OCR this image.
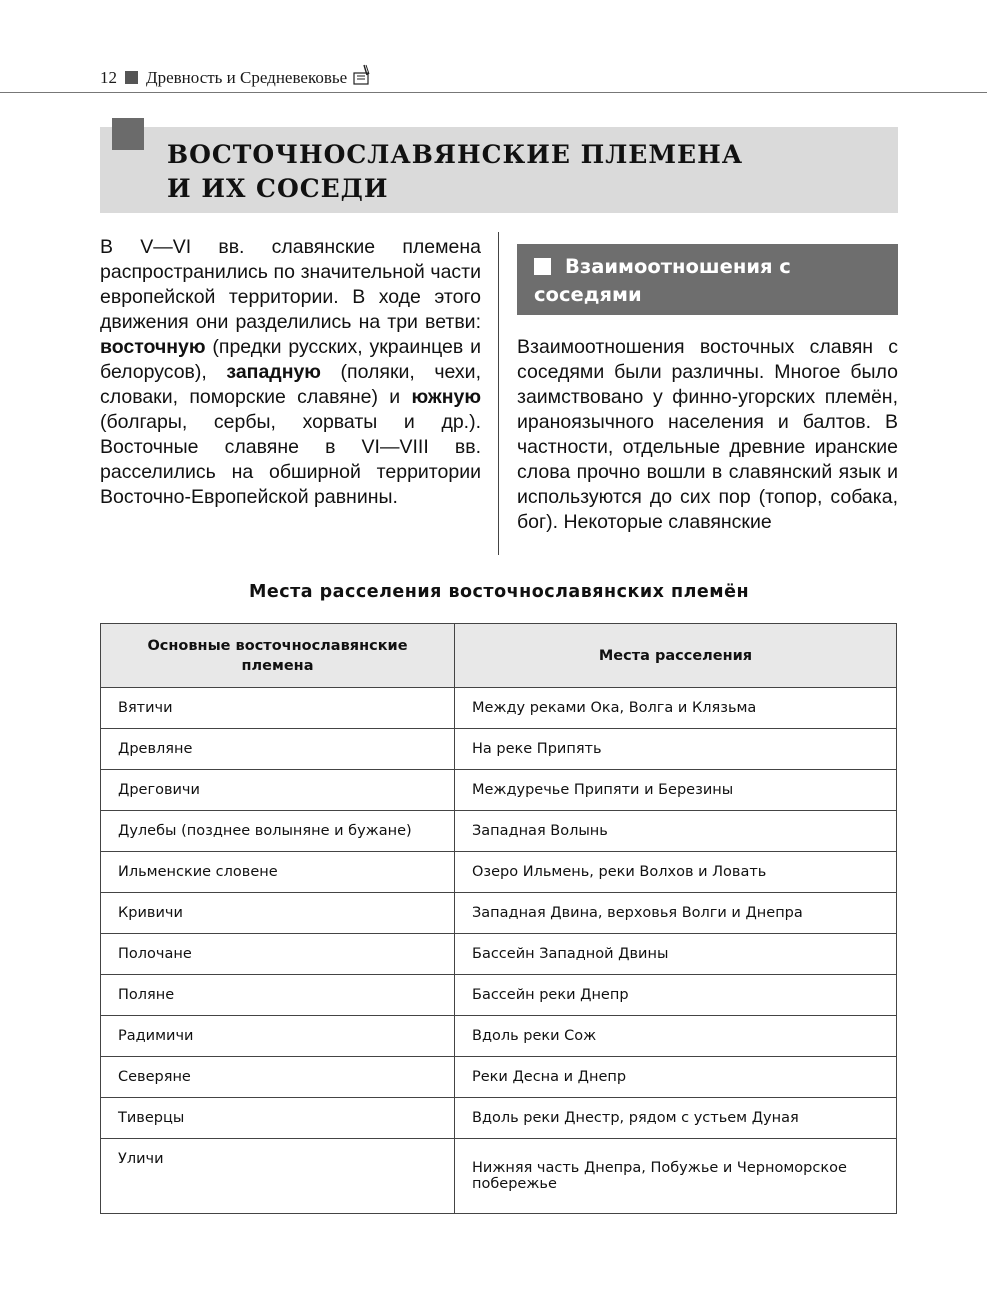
12 Древность и Средневековье
ВОСТОЧНОСЛАВЯНСКИЕ ПЛЕМЕНА
И ИХ СОСЕДИ

В V—VI вв. славянские племена распространились по значительной части европейской территории. В ходе этого движения они разделились на три ветви: восточную (предки русских, украинцев и белорусов), западную (поляки, чехи, словаки, поморские славяне) и южную (болгары, сербы, хорваты и др.). Восточные славяне в VI—VIII вв. расселились на обширной территории Восточно-Европейской равнины.

Взаимоотношения с соседями

Взаимоотношения восточных славян с соседями были различны. Многое было заимствовано у финно-угорских племён, ираноязычного населения и балтов. В частности, отдельные древние иранские слова прочно вошли в славянский язык и используются до сих пор (топор, собака, бог). Некоторые славянские

Места расселения восточнославянских племён
Основные восточнославянские племена	Места расселения
Вятичи	Между реками Ока, Волга и Клязьма
Древляне	На реке Припять
Дреговичи	Междуречье Припяти и Березины
Дулебы (позднее волыняне и бужане)	Западная Волынь
Ильменские словене	Озеро Ильмень, реки Волхов и Ловать
Кривичи	Западная Двина, верховья Волги и Днепра
Полочане	Бассейн Западной Двины
Поляне	Бассейн реки Днепр
Радимичи	Вдоль реки Сож
Северяне	Реки Десна и Днепр
Тиверцы	Вдоль реки Днестр, рядом с устьем Дуная
Уличи	Нижняя часть Днепра, Побужье и Черноморское побережье
